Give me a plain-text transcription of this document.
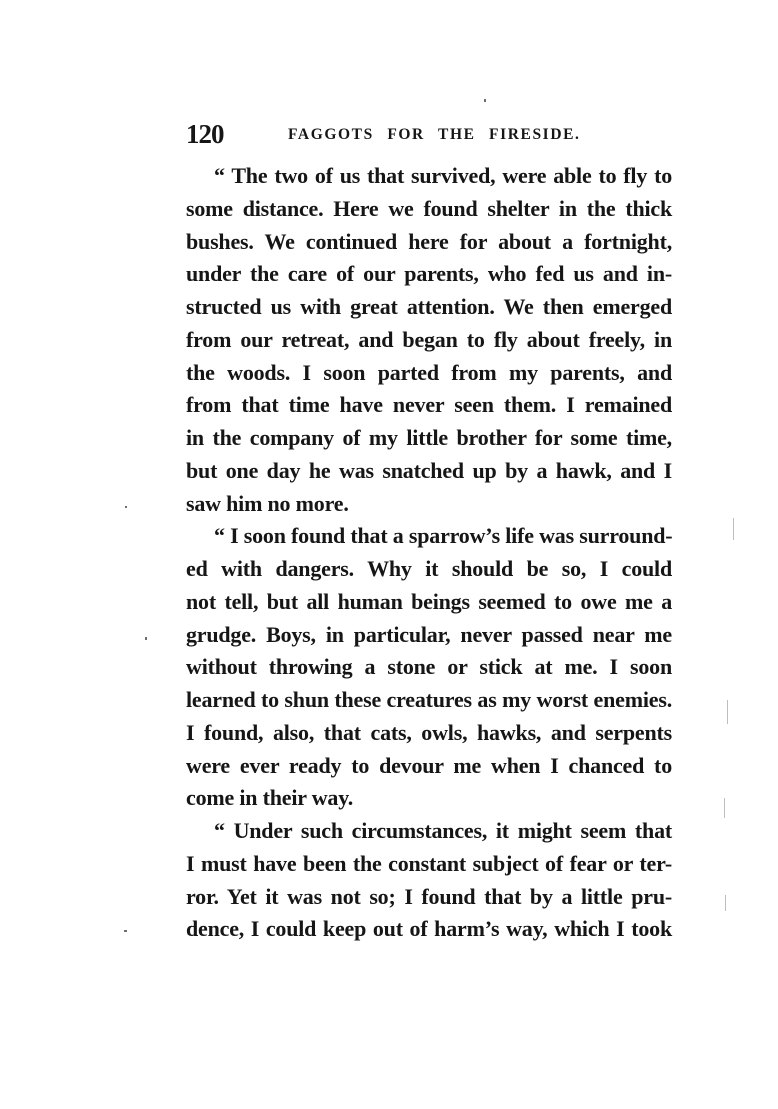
120	FAGGOTS FOR THE FIRESIDE.
“ The two of us that survived, were able to fly to
some distance. Here we found shelter in the thick
bushes. We continued here for about a fortnight,
under the care of our parents, who fed us and in-
structed us with great attention. We then emerged
from our retreat, and began to fly about freely, in
the woods. I soon parted from my parents, and
from that time have never seen them. I remained
in the company of my little brother for some time,
but one day he was snatched up by a hawk, and I
saw him no more.
“ I soon found that a sparrow’s life was surround-
ed with dangers. Why it should be so, I could
not tell, but all human beings seemed to owe me a
grudge. Boys, in particular, never passed near me
without throwing a stone or stick at me. I soon
learned to shun these creatures as my worst enemies.
I found, also, that cats, owls, hawks, and serpents
were ever ready to devour me when I chanced to
come in their way.
“ Under such circumstances, it might seem that
I must have been the constant subject of fear or ter-
ror. Yet it was not so; I found that by a little pru-
dence, I could keep out of harm’s way, which I took
